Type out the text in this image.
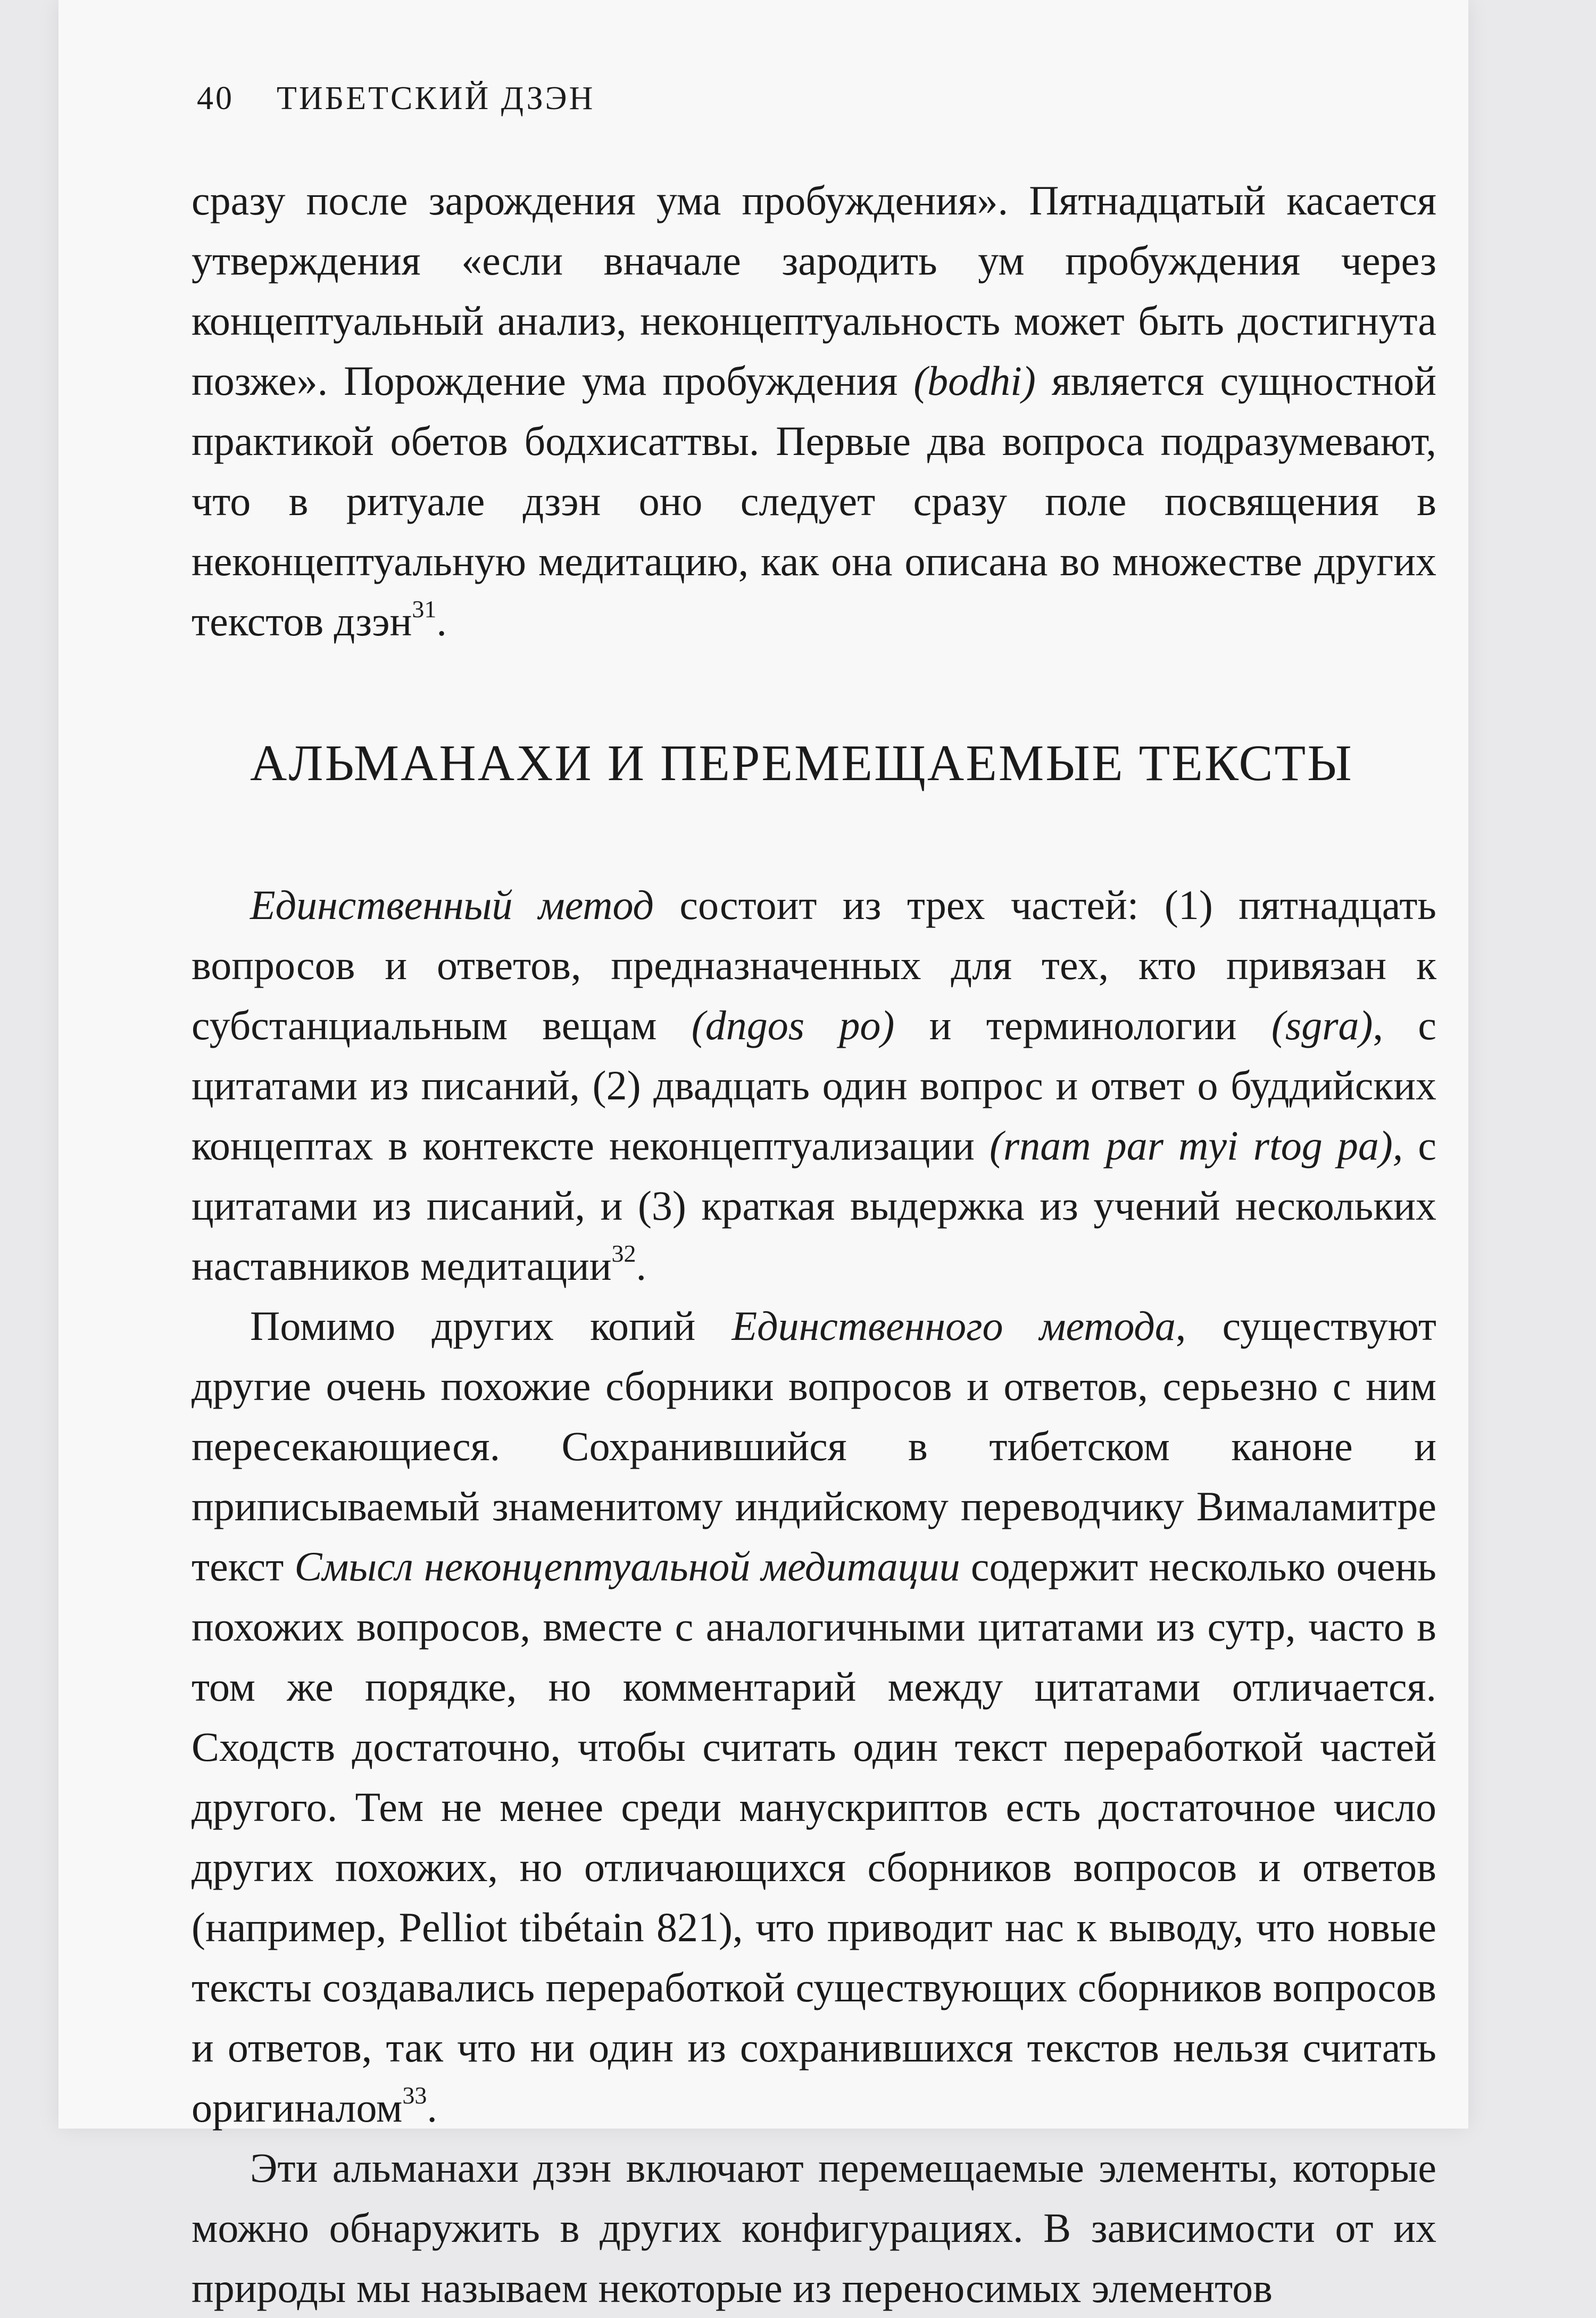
40 ТИБЕТСКИЙ ДЗЭН

сразу после зарождения ума пробуждения». Пятнадцатый касается утверждения «если вначале зародить ум пробуждения через концептуальный анализ, неконцептуальность может быть достигнута позже». Порождение ума пробуждения (bodhi) является сущностной практикой обетов бодхисаттвы. Первые два вопроса подразумевают, что в ритуале дзэн оно следует сразу поле посвящения в неконцептуальную медитацию, как она описана во множестве других текстов дзэн$^{31}$.

АЛЬМАНАХИ И ПЕРЕМЕЩАЕМЫЕ ТЕКСТЫ

Единственный метод состоит из трех частей: (1) пятнадцать вопросов и ответов, предназначенных для тех, кто привязан к субстанциальным вещам (dngos po) и терминологии (sgra), с цитатами из писаний, (2) двадцать один вопрос и ответ о буддийских концептах в контексте неконцептуализации (rnam par myi rtog pa), с цитатами из писаний, и (3) краткая выдержка из учений нескольких наставников медитации$^{32}$.

Помимо других копий Единственного метода, существуют другие очень похожие сборники вопросов и ответов, серьезно с ним пересекающиеся. Сохранившийся в тибетском каноне и приписываемый знаменитому индийскому переводчику Вималамитре текст Смысл неконцептуальной медитации содержит несколько очень похожих вопросов, вместе с аналогичными цитатами из сутр, часто в том же порядке, но комментарий между цитатами отличается. Сходств достаточно, чтобы считать один текст переработкой частей другого. Тем не менее среди манускриптов есть достаточное число других похожих, но отличающихся сборников вопросов и ответов (например, Pelliot tibétain 821), что приводит нас к выводу, что новые тексты создавались переработкой существующих сборников вопросов и ответов, так что ни один из сохранившихся текстов нельзя считать оригиналом$^{33}$.

Эти альманахи дзэн включают перемещаемые элементы, которые можно обнаружить в других конфигурациях. В зависимости от их природы мы называем некоторые из переносимых элементов
